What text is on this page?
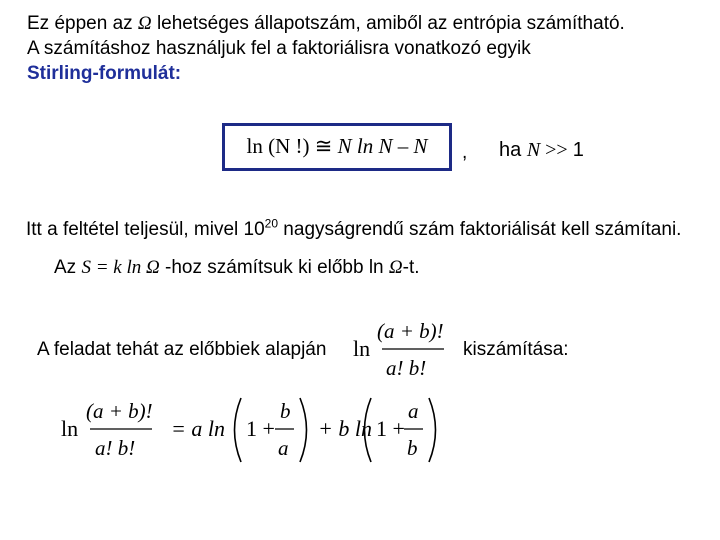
Ez éppen az Ω lehetséges állapotszám, amiből az entrópia számítható.
A számításhoz használjuk fel a faktoriálisra vonatkozó egyik
Stirling-formulát:
ln (N !) ≅ N ln N – N	, ha N >> 1
Itt a feltétel teljesül, mivel $10^{20}$ nagyságrendű szám faktoriálisát kell számítani.
Az S = k ln Ω -hoz számítsuk ki előbb ln Ω-t.
A feladat tehát az előbbiek alapján	kiszámítása:
ln
(a + b)!
a! b!
ln
(a + b)!
a! b!
= a ln 1 +
b
a
+ b ln 1 +
a
b
